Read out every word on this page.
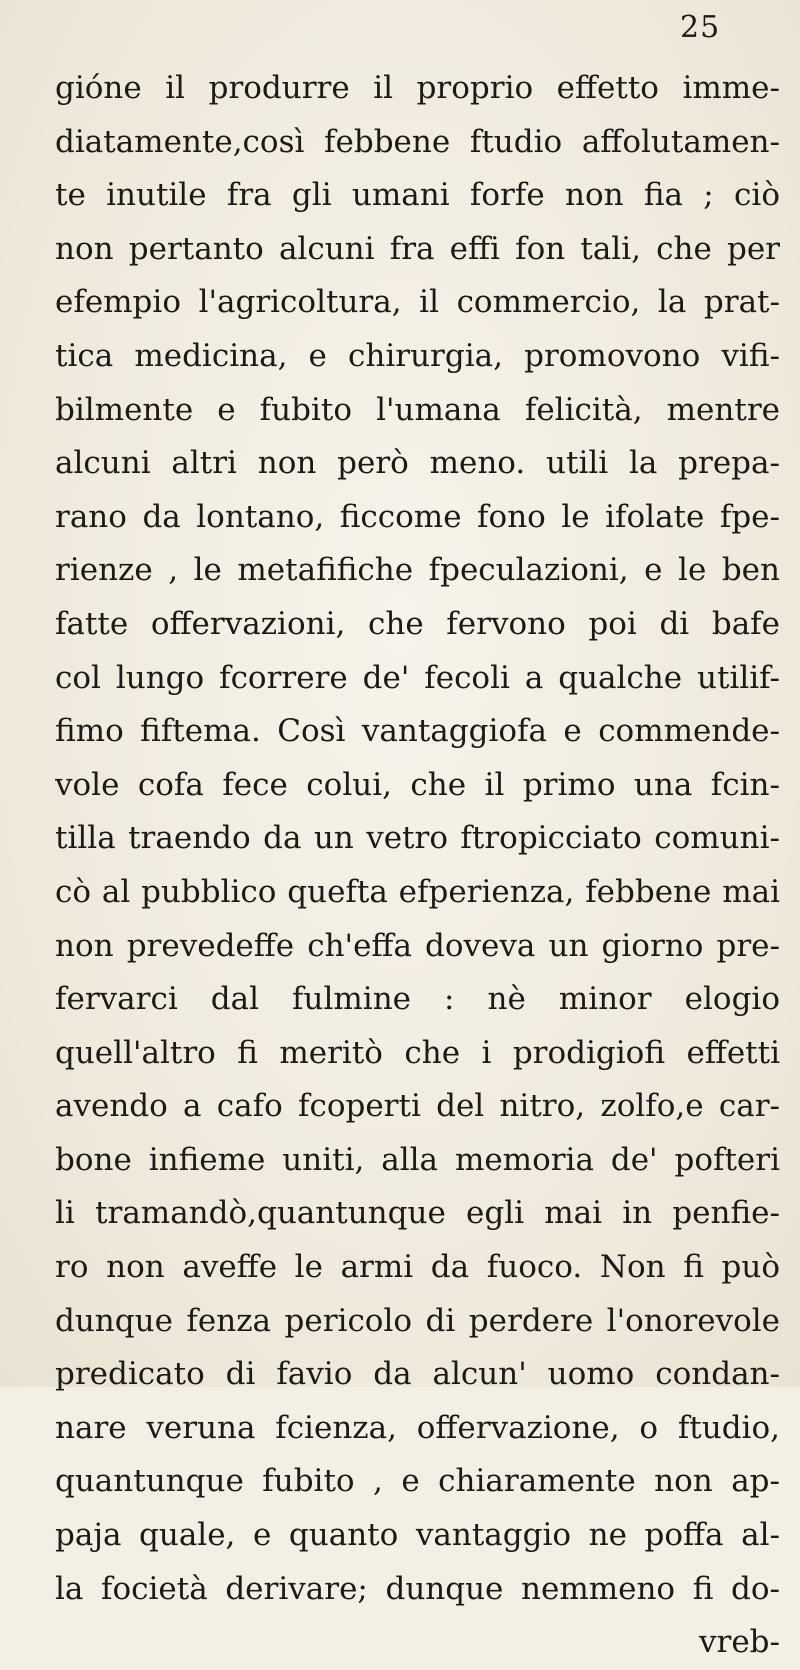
25
gióne il produrre il proprio effetto imme-
diatamente,così febbene ftudio affolutamen-
te inutile fra gli umani forfe non fia ; ciò
non pertanto alcuni fra effi fon tali, che per
efempio l'agricoltura, il commercio, la prat-
tica medicina, e chirurgia, promovono vifi-
bilmente e fubito l'umana felicità, mentre
alcuni altri non però meno. utili la prepa-
rano da lontano, ficcome fono le ifolate fpe-
rienze , le metafifiche fpeculazioni, e le ben
fatte offervazioni, che fervono poi di bafe
col lungo fcorrere de' fecoli a qualche utilif-
fimo fiftema. Così vantaggiofa e commende-
vole cofa fece colui, che il primo una fcin-
tilla traendo da un vetro ftropicciato comuni-
cò al pubblico quefta efperienza, febbene mai
non prevedeffe ch'effa doveva un giorno pre-
fervarci dal fulmine : nè minor elogio
quell'altro fi meritò che i prodigiofi effetti
avendo a cafo fcoperti del nitro, zolfo,e car-
bone infieme uniti, alla memoria de' pofteri
li tramandò,quantunque egli mai in penfie-
ro non aveffe le armi da fuoco. Non fi può
dunque fenza pericolo di perdere l'onorevole
predicato di favio da alcun' uomo condan-
nare veruna fcienza, offervazione, o ftudio,
quantunque fubito , e chiaramente non ap-
paja quale, e quanto vantaggio ne poffa al-
la focietà derivare; dunque nemmeno fi do-
vreb-
